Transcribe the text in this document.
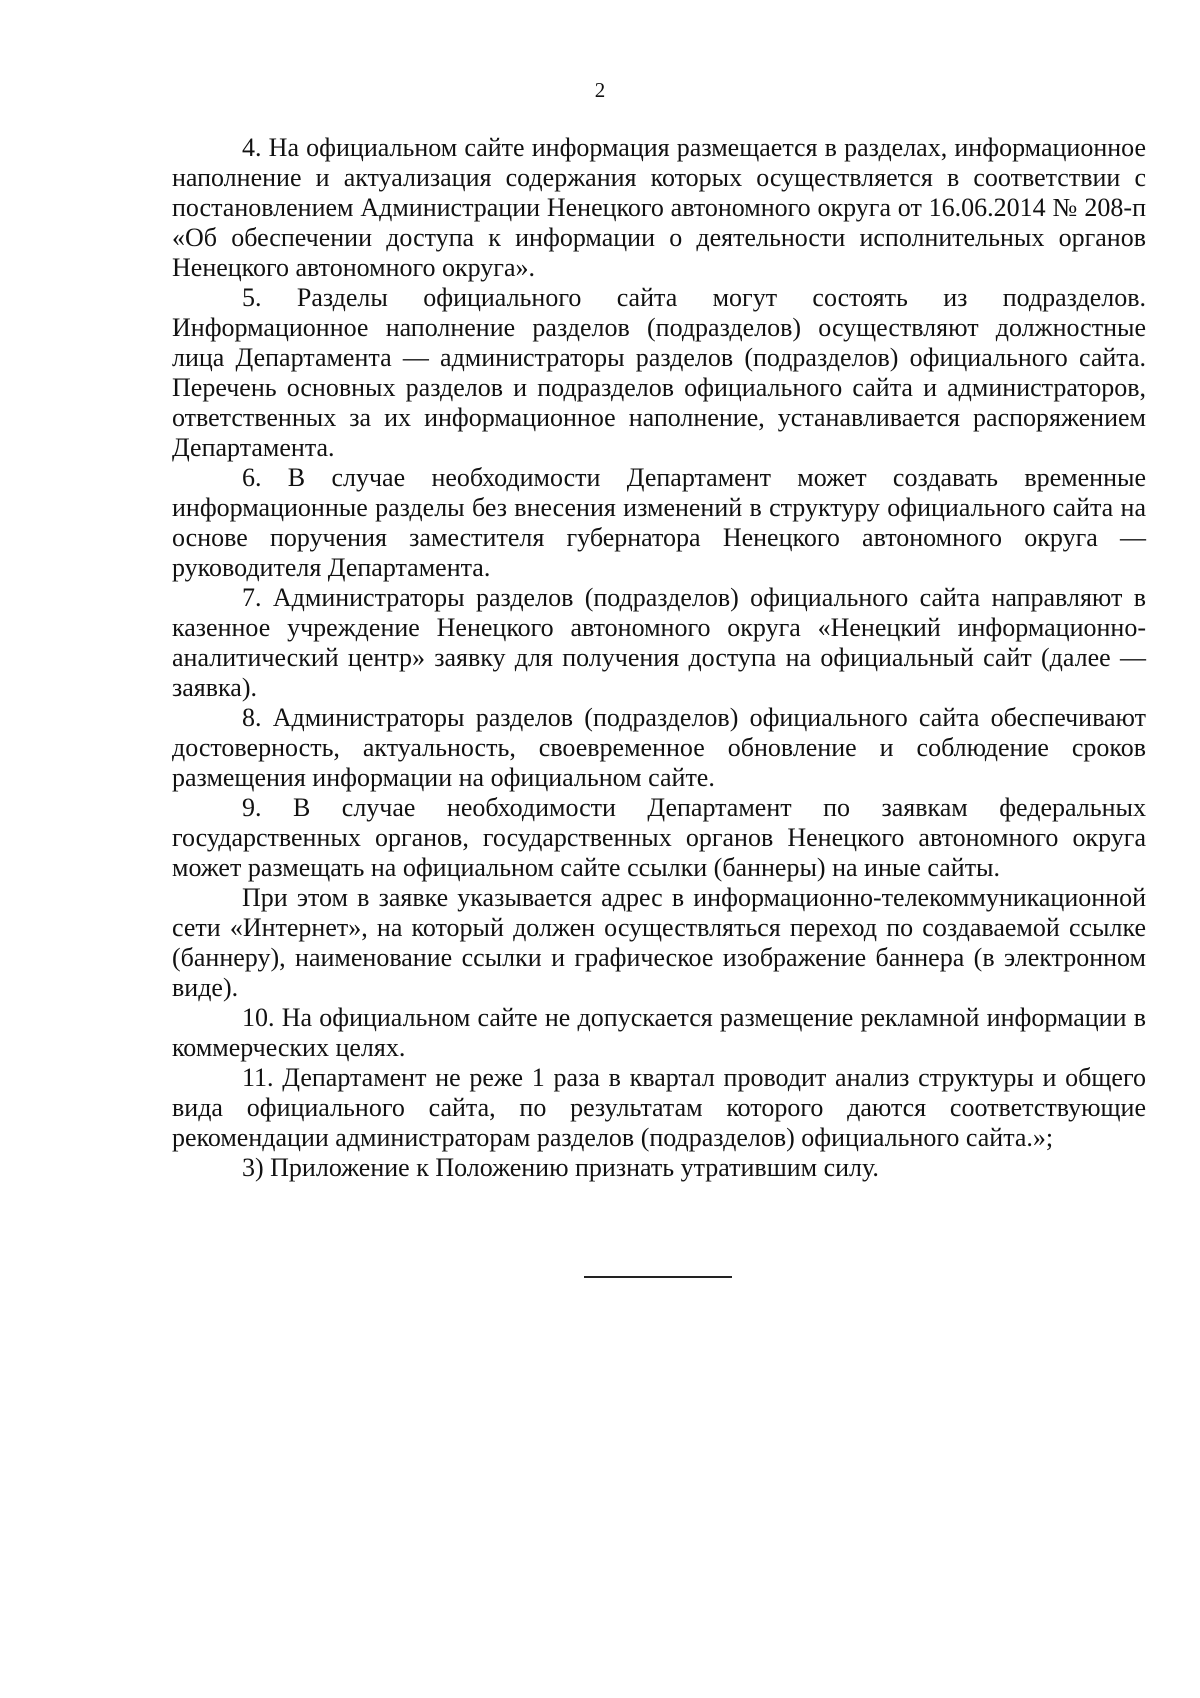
2

4. На официальном сайте информация размещается в разделах, информационное наполнение и актуализация содержания которых осуществляется в соответствии с постановлением Администрации Ненецкого автономного округа от 16.06.2014 № 208-п «Об обеспечении доступа к информации о деятельности исполнительных органов Ненецкого автономного округа».

5. Разделы официального сайта могут состоять из подразделов. Информационное наполнение разделов (подразделов) осуществляют должностные лица Департамента — администраторы разделов (подразделов) официального сайта. Перечень основных разделов и подразделов официального сайта и администраторов, ответственных за их информационное наполнение, устанавливается распоряжением Департамента.

6. В случае необходимости Департамент может создавать временные информационные разделы без внесения изменений в структуру официального сайта на основе поручения заместителя губернатора Ненецкого автономного округа — руководителя Департамента.

7. Администраторы разделов (подразделов) официального сайта направляют в казенное учреждение Ненецкого автономного округа «Ненецкий информационно-аналитический центр» заявку для получения доступа на официальный сайт (далее — заявка).

8. Администраторы разделов (подразделов) официального сайта обеспечивают достоверность, актуальность, своевременное обновление и соблюдение сроков размещения информации на официальном сайте.

9. В случае необходимости Департамент по заявкам федеральных государственных органов, государственных органов Ненецкого автономного округа может размещать на официальном сайте ссылки (баннеры) на иные сайты.

При этом в заявке указывается адрес в информационно-телекоммуникационной сети «Интернет», на который должен осуществляться переход по создаваемой ссылке (баннеру), наименование ссылки и графическое изображение баннера (в электронном виде).

10. На официальном сайте не допускается размещение рекламной информации в коммерческих целях.

11. Департамент не реже 1 раза в квартал проводит анализ структуры и общего вида официального сайта, по результатам которого даются соответствующие рекомендации администраторам разделов (подразделов) официального сайта.»;

3) Приложение к Положению признать утратившим силу.
